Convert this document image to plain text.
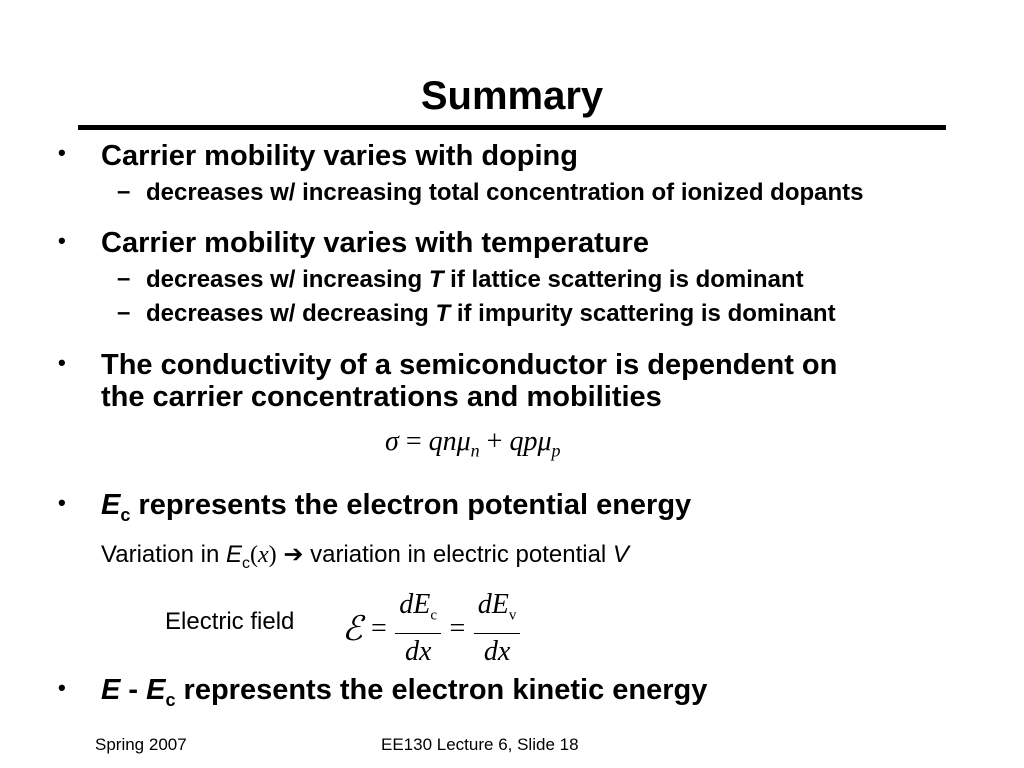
Summary
• Carrier mobility varies with doping
– decreases w/ increasing total concentration of ionized dopants
• Carrier mobility varies with temperature
– decreases w/ increasing T if lattice scattering is dominant
– decreases w/ decreasing T if impurity scattering is dominant
• The conductivity of a semiconductor is dependent on
the carrier concentrations and mobilities
σ = qnμ$_n$ + qpμ$_p$
• $E_c$ represents the electron potential energy
Variation in $E_c(x)$ ➔ variation in electric potential V
Electric field ℰ = $\frac{dE_c}{dx} = \frac{dE_v}{dx}$
• E - $E_c$ represents the electron kinetic energy
Spring 2007	EE130 Lecture 6, Slide 18
